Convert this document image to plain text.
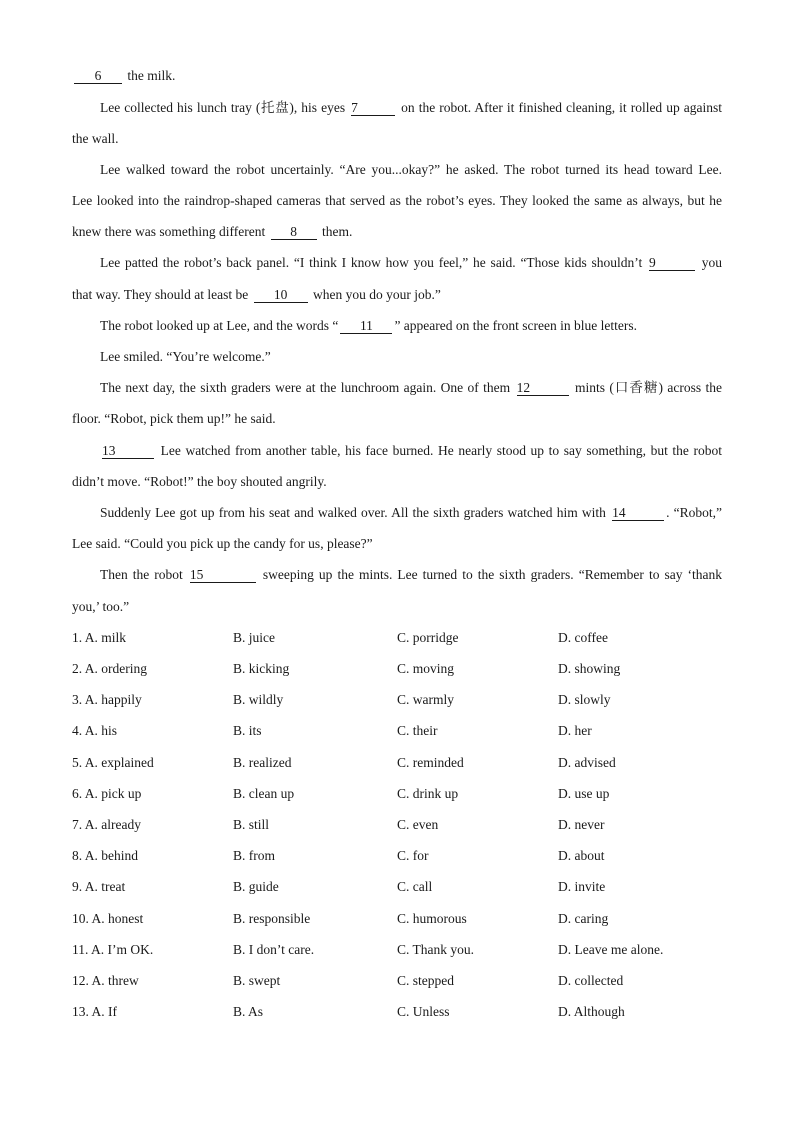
6 the milk.
Lee collected his lunch tray (托盘), his eyes 7	on the robot. After it finished cleaning, it rolled up against
the wall.
Lee walked toward the robot uncertainly. “Are you...okay?” he asked. The robot turned its head toward Lee.
Lee looked into the raindrop-shaped cameras that served as the robot’s eyes. They looked the same as always, but he
knew there was something different 8 them.
Lee patted the robot’s back panel. “I think I know how you feel,” he said. “Those kids shouldn’t 9	you
that way. They should at least be 10 when you do your job.”
The robot looked up at Lee, and the words “ 11 ” appeared on the front screen in blue letters.
Lee smiled. “You’re welcome.”
The next day, the sixth graders were at the lunchroom again. One of them 12	mints (口香糖) across the
floor. “Robot, pick them up!” he said.
13	Lee watched from another table, his face burned. He nearly stood up to say something, but the robot
didn’t move. “Robot!” the boy shouted angrily.
Suddenly Lee got up from his seat and walked over. All the sixth graders watched him with 14	. “Robot,”
Lee said. “Could you pick up the candy for us, please?”
Then the robot 15	sweeping up the mints. Lee turned to the sixth graders. “Remember to say ‘thank
you,’ too.”
1. A. milk	B. juice	C. porridge	D. coffee
2. A. ordering	B. kicking	C. moving	D. showing
3. A. happily	B. wildly	C. warmly	D. slowly
4. A. his	B. its	C. their	D. her
5. A. explained	B. realized	C. reminded	D. advised
6. A. pick up	B. clean up	C. drink up	D. use up
7. A. already	B. still	C. even	D. never
8. A. behind	B. from	C. for	D. about
9. A. treat	B. guide	C. call	D. invite
10. A. honest	B. responsible	C. humorous	D. caring
11. A. I’m OK.	B. I don’t care.	C. Thank you.	D. Leave me alone.
12. A. threw	B. swept	C. stepped	D. collected
13. A. If	B. As	C. Unless	D. Although
